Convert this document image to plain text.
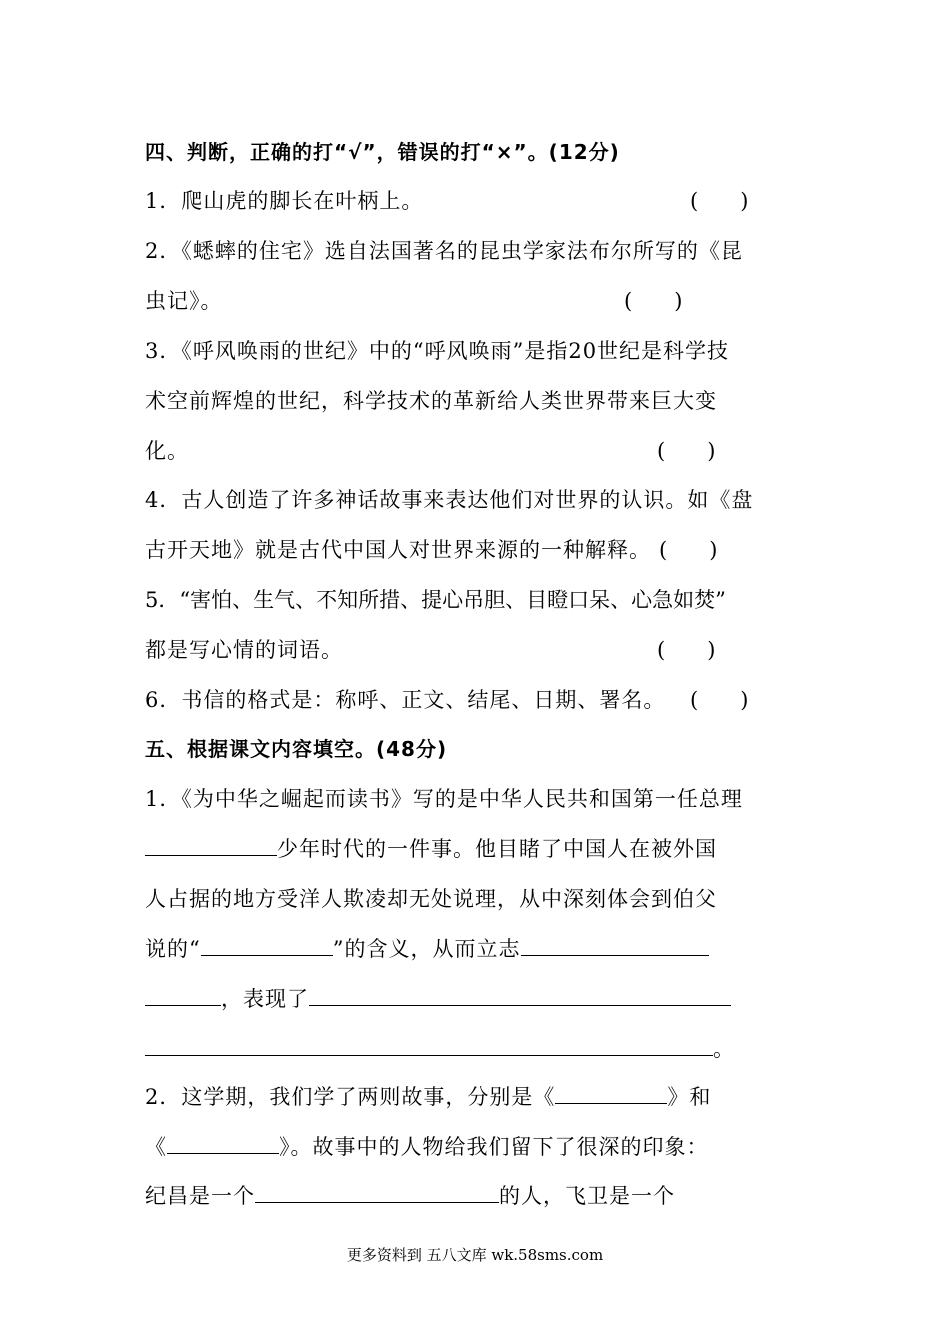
四、判断，正确的打“√”，错误的打“×”。(12分)
1．爬山虎的脚长在叶柄上。	(　　)
2．《蟋蟀的住宅》选自法国著名的昆虫学家法布尔所写的《昆
虫记》。	(　　)
3．《呼风唤雨的世纪》中的“呼风唤雨”是指20世纪是科学技
术空前辉煌的世纪，科学技术的革新给人类世界带来巨大变
化。	(　　)
4．古人创造了许多神话故事来表达他们对世界的认识。如《盘
古开天地》就是古代中国人对世界来源的一种解释。 (　　)
5．“害怕、生气、不知所措、提心吊胆、目瞪口呆、心急如焚”
都是写心情的词语。	(　　)
6．书信的格式是：称呼、正文、结尾、日期、署名。 (　　)
五、根据课文内容填空。(48分)
1．《为中华之崛起而读书》写的是中华人民共和国第一任总理
少年时代的一件事。他目睹了中国人在被外国
人占据的地方受洋人欺凌却无处说理，从中深刻体会到伯父
说的“	”的含义，从而立志
，表现了
。
2．这学期，我们学了两则故事，分别是《	》和
《	》。故事中的人物给我们留下了很深的印象：
纪昌是一个	的人，飞卫是一个
更多资料到 五八文库 wk.58sms.com
